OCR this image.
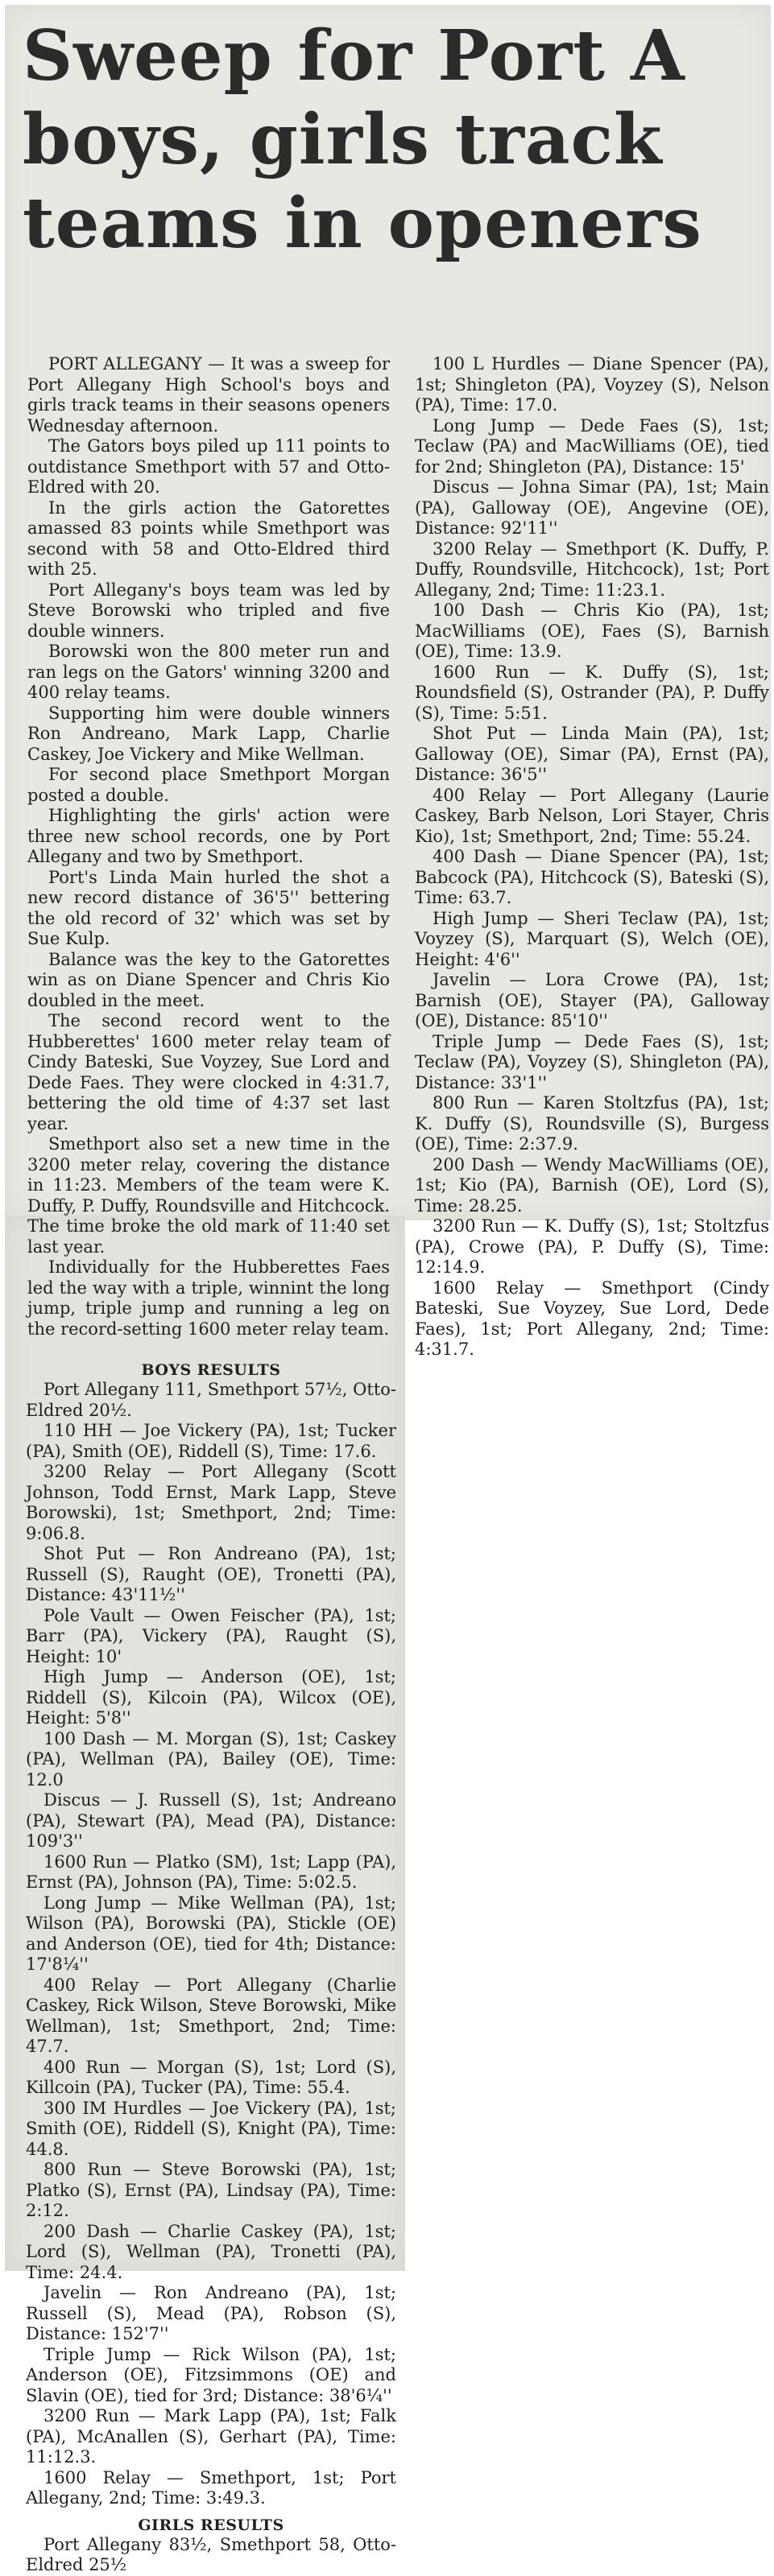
Sweep for Port A
boys, girls track
teams in openers

PORT ALLEGANY — It was a sweep for Port Allegany High School's boys and girls track teams in their seasons openers Wednesday afternoon.

The Gators boys piled up 111 points to outdistance Smethport with 57 and Otto-Eldred with 20.

In the girls action the Gatorettes amassed 83 points while Smethport was second with 58 and Otto-Eldred third with 25.

Port Allegany's boys team was led by Steve Borowski who tripled and five double winners.

Borowski won the 800 meter run and ran legs on the Gators' winning 3200 and 400 relay teams.

Supporting him were double winners Ron Andreano, Mark Lapp, Charlie Caskey, Joe Vickery and Mike Wellman.

For second place Smethport Morgan posted a double.

Highlighting the girls' action were three new school records, one by Port Allegany and two by Smethport.

Port's Linda Main hurled the shot a new record distance of 36'5'' bettering the old record of 32' which was set by Sue Kulp.

Balance was the key to the Gatorettes win as on Diane Spencer and Chris Kio doubled in the meet.

The second record went to the Hubberettes' 1600 meter relay team of Cindy Bateski, Sue Voyzey, Sue Lord and Dede Faes. They were clocked in 4:31.7, bettering the old time of 4:37 set last year.

Smethport also set a new time in the 3200 meter relay, covering the distance in 11:23. Members of the team were K. Duffy, P. Duffy, Roundsville and Hitchcock. The time broke the old mark of 11:40 set last year.

Individually for the Hubberettes Faes led the way with a triple, winnint the long jump, triple jump and running a leg on the record-setting 1600 meter relay team.

100 L Hurdles — Diane Spencer (PA), 1st; Shingleton (PA), Voyzey (S), Nelson (PA), Time: 17.0.

Long Jump — Dede Faes (S), 1st; Teclaw (PA) and MacWilliams (OE), tied for 2nd; Shingleton (PA), Distance: 15'

Discus — Johna Simar (PA), 1st; Main (PA), Galloway (OE), Angevine (OE), Distance: 92'11''

3200 Relay — Smethport (K. Duffy, P. Duffy, Roundsville, Hitchcock), 1st; Port Allegany, 2nd; Time: 11:23.1.

100 Dash — Chris Kio (PA), 1st; MacWilliams (OE), Faes (S), Barnish (OE), Time: 13.9.

1600 Run — K. Duffy (S), 1st; Roundsfield (S), Ostrander (PA), P. Duffy (S), Time: 5:51.

Shot Put — Linda Main (PA), 1st; Galloway (OE), Simar (PA), Ernst (PA), Distance: 36'5''

400 Relay — Port Allegany (Laurie Caskey, Barb Nelson, Lori Stayer, Chris Kio), 1st; Smethport, 2nd; Time: 55.24.

400 Dash — Diane Spencer (PA), 1st; Babcock (PA), Hitchcock (S), Bateski (S), Time: 63.7.

High Jump — Sheri Teclaw (PA), 1st; Voyzey (S), Marquart (S), Welch (OE), Height: 4'6''

Javelin — Lora Crowe (PA), 1st; Barnish (OE), Stayer (PA), Galloway (OE), Distance: 85'10''

Triple Jump — Dede Faes (S), 1st; Teclaw (PA), Voyzey (S), Shingleton (PA), Distance: 33'1''

800 Run — Karen Stoltzfus (PA), 1st; K. Duffy (S), Roundsville (S), Burgess (OE), Time: 2:37.9.

200 Dash — Wendy MacWilliams (OE), 1st; Kio (PA), Barnish (OE), Lord (S), Time: 28.25.

3200 Run — K. Duffy (S), 1st; Stoltzfus (PA), Crowe (PA), P. Duffy (S), Time: 12:14.9.

1600 Relay — Smethport (Cindy Bateski, Sue Voyzey, Sue Lord, Dede Faes), 1st; Port Allegany, 2nd; Time: 4:31.7.

BOYS RESULTS

Port Allegany 111, Smethport 57½, Otto-Eldred 20½.

110 HH — Joe Vickery (PA), 1st; Tucker (PA), Smith (OE), Riddell (S), Time: 17.6.

3200 Relay — Port Allegany (Scott Johnson, Todd Ernst, Mark Lapp, Steve Borowski), 1st; Smethport, 2nd; Time: 9:06.8.

Shot Put — Ron Andreano (PA), 1st; Russell (S), Raught (OE), Tronetti (PA), Distance: 43'11½''

Pole Vault — Owen Feischer (PA), 1st; Barr (PA), Vickery (PA), Raught (S), Height: 10'

High Jump — Anderson (OE), 1st; Riddell (S), Kilcoin (PA), Wilcox (OE), Height: 5'8''

100 Dash — M. Morgan (S), 1st; Caskey (PA), Wellman (PA), Bailey (OE), Time: 12.0

Discus — J. Russell (S), 1st; Andreano (PA), Stewart (PA), Mead (PA), Distance: 109'3''

1600 Run — Platko (SM), 1st; Lapp (PA), Ernst (PA), Johnson (PA), Time: 5:02.5.

Long Jump — Mike Wellman (PA), 1st; Wilson (PA), Borowski (PA), Stickle (OE) and Anderson (OE), tied for 4th; Distance: 17'8¼''

400 Relay — Port Allegany (Charlie Caskey, Rick Wilson, Steve Borowski, Mike Wellman), 1st; Smethport, 2nd; Time: 47.7.

400 Run — Morgan (S), 1st; Lord (S), Killcoin (PA), Tucker (PA), Time: 55.4.

300 IM Hurdles — Joe Vickery (PA), 1st; Smith (OE), Riddell (S), Knight (PA), Time: 44.8.

800 Run — Steve Borowski (PA), 1st; Platko (S), Ernst (PA), Lindsay (PA), Time: 2:12.

200 Dash — Charlie Caskey (PA), 1st; Lord (S), Wellman (PA), Tronetti (PA), Time: 24.4.

Javelin — Ron Andreano (PA), 1st; Russell (S), Mead (PA), Robson (S), Distance: 152'7''

Triple Jump — Rick Wilson (PA), 1st; Anderson (OE), Fitzsimmons (OE) and Slavin (OE), tied for 3rd; Distance: 38'6¼''

3200 Run — Mark Lapp (PA), 1st; Falk (PA), McAnallen (S), Gerhart (PA), Time: 11:12.3.

1600 Relay — Smethport, 1st; Port Allegany, 2nd; Time: 3:49.3.

GIRLS RESULTS

Port Allegany 83½, Smethport 58, Otto-Eldred 25½
